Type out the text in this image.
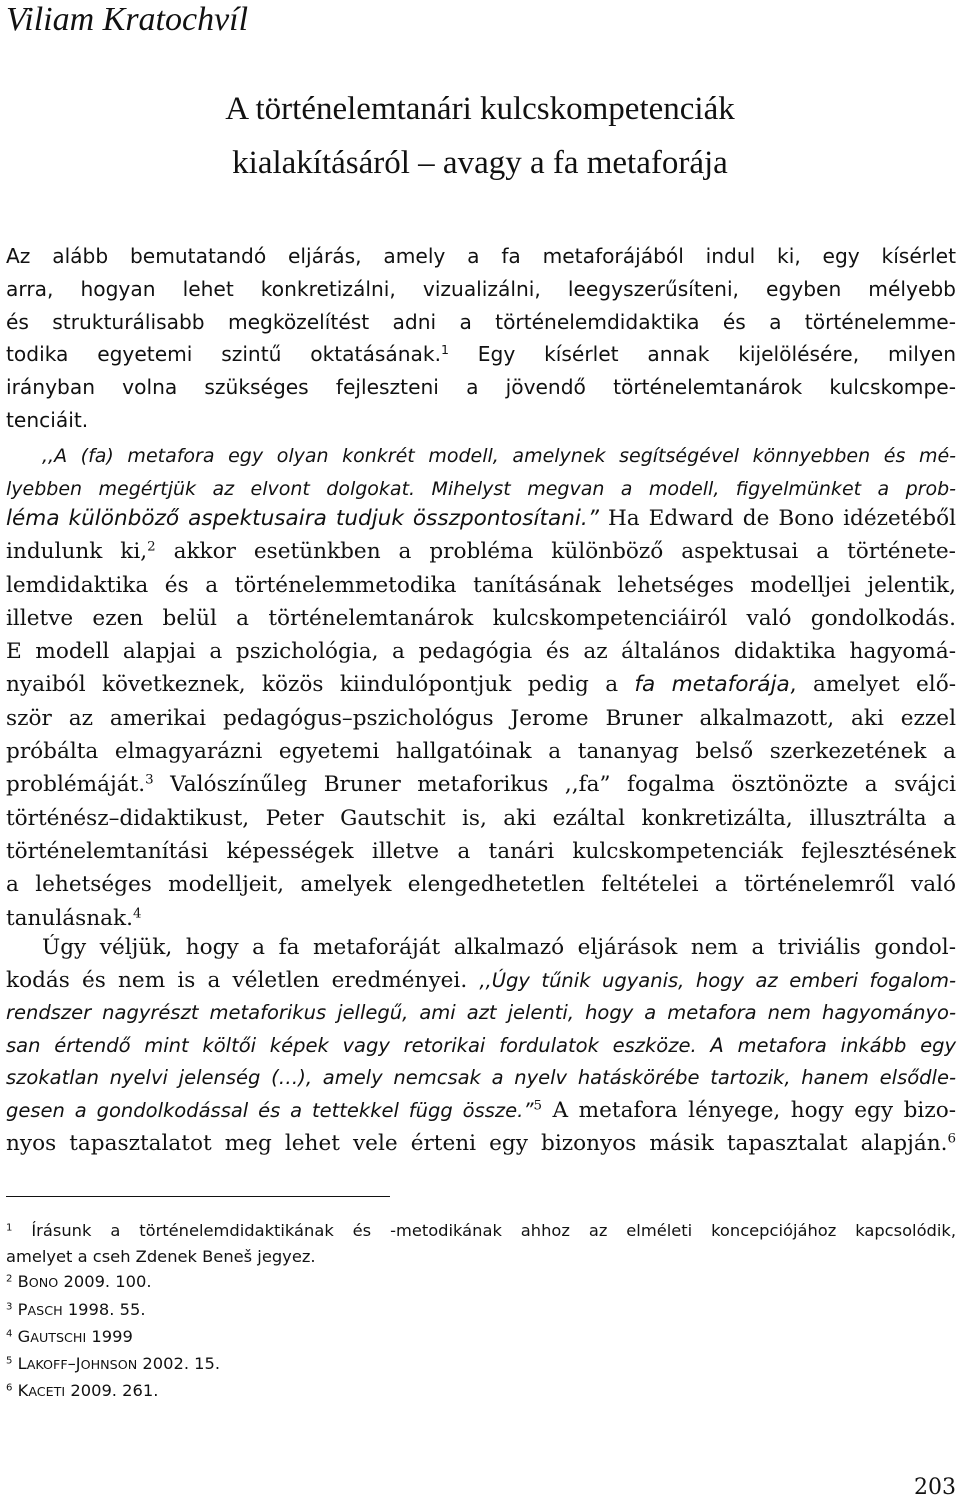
Viliam Kratochvíl
A történelemtanári kulcskompetenciák
kialakításáról – avagy a fa metaforája
Az alább bemutatandó eljárás, amely a fa metaforájából indul ki, egy kísérlet
arra, hogyan lehet konkretizálni, vizualizálni, leegyszerűsíteni, egyben mélyebb
és strukturálisabb megközelítést adni a történelemdidaktika és a történelemme-
todika egyetemi szintű oktatásának.$^1$ Egy kísérlet annak kijelölésére, milyen
irányban volna szükséges fejleszteni a jövendő történelemtanárok kulcskompe-
tenciáit.
,,A (fa) metafora egy olyan konkrét modell, amelynek segítségével könnyebben és mé-
lyebben megértjük az elvont dolgokat. Mihelyst megvan a modell, figyelmünket a prob-
léma különböző aspektusaira tudjuk összpontosítani.” Ha Edward de Bono idézetéből
indulunk ki,$^2$ akkor esetünkben a probléma különböző aspektusai a története-
lemdidaktika és a történelemmetodika tanításának lehetséges modelljei jelentik,
illetve ezen belül a történelemtanárok kulcskompetenciáiról való gondolkodás.
E modell alapjai a pszichológia, a pedagógia és az általános didaktika hagyomá-
nyaiból következnek, közös kiindulópontjuk pedig a fa metaforája, amelyet elő-
ször az amerikai pedagógus–pszichológus Jerome Bruner alkalmazott, aki ezzel
próbálta elmagyarázni egyetemi hallgatóinak a tananyag belső szerkezetének a
problémáját.$^3$ Valószínűleg Bruner metaforikus ,,fa” fogalma ösztönözte a svájci
történész–didaktikust, Peter Gautschit is, aki ezáltal konkretizálta, illusztrálta a
történelemtanítási képességek illetve a tanári kulcskompetenciák fejlesztésének
a lehetséges modelljeit, amelyek elengedhetetlen feltételei a történelemről való
tanulásnak.$^4$
Úgy véljük, hogy a fa metaforáját alkalmazó eljárások nem a triviális gondol-
kodás és nem is a véletlen eredményei. ,,Úgy tűnik ugyanis, hogy az emberi fogalom-
rendszer nagyrészt metaforikus jellegű, ami azt jelenti, hogy a metafora nem hagyományo-
san értendő mint költői képek vagy retorikai fordulatok eszköze. A metafora inkább egy
szokatlan nyelvi jelenség (…), amely nemcsak a nyelv hatáskörébe tartozik, hanem elsődle-
gesen a gondolkodással és a tettekkel függ össze.”$^5$ A metafora lényege, hogy egy bizo-
nyos tapasztalatot meg lehet vele érteni egy bizonyos másik tapasztalat alapján.$^6$
$^1$ Írásunk a történelemdidaktikának és -metodikának ahhoz az elméleti koncepciójához kapcsolódik,
amelyet a cseh Zdenek Beneš jegyez.
$^2$ BONO 2009. 100.
$^3$ PASCH 1998. 55.
$^4$ GAUTSCHI 1999
$^5$ LAKOFF–JOHNSON 2002. 15.
$^6$ KACETI 2009. 261.
203
